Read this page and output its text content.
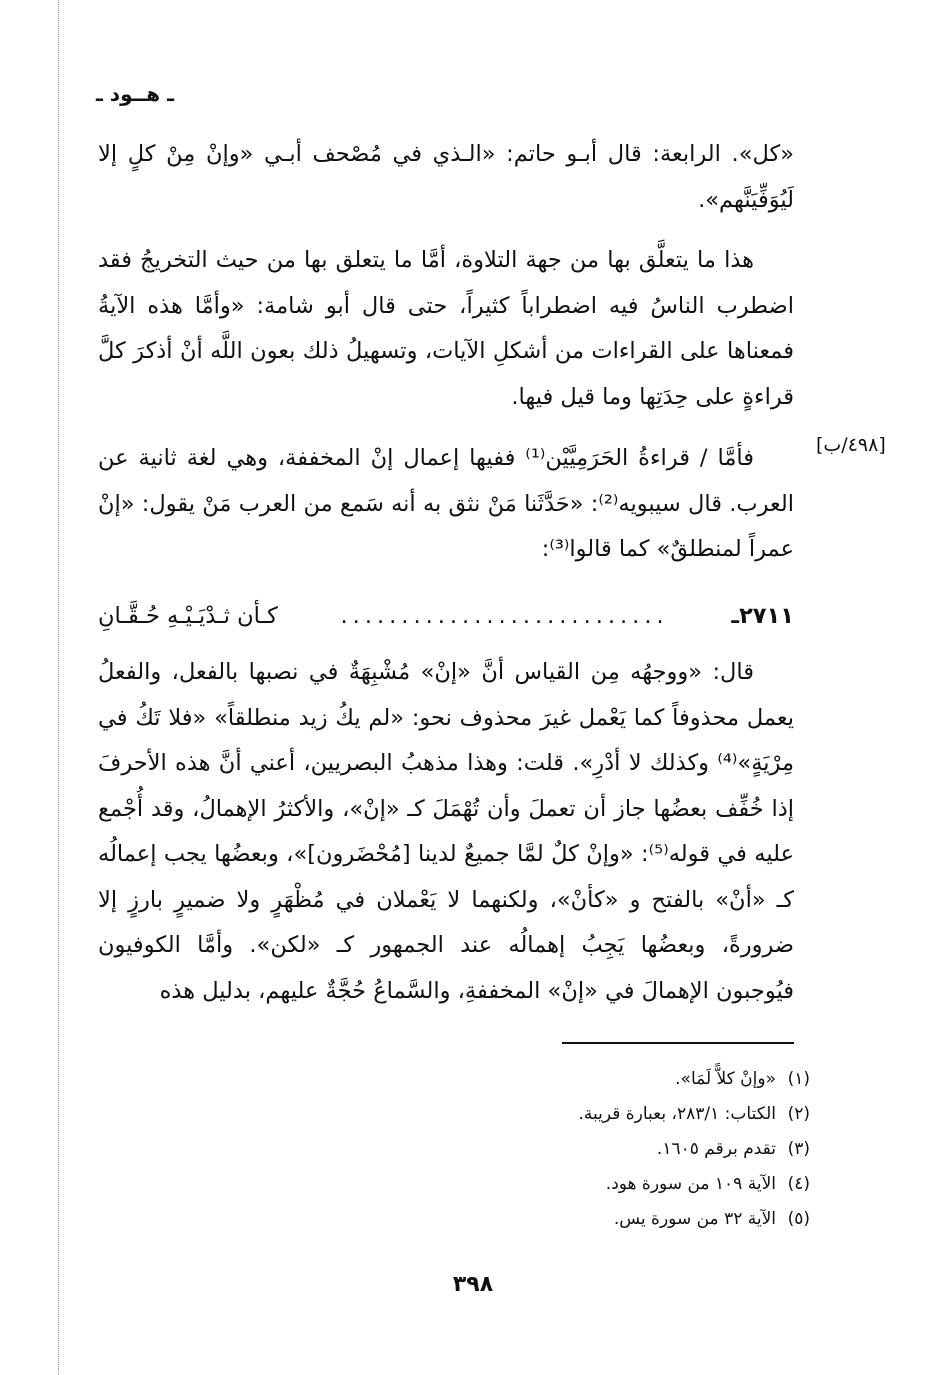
ـ هــود ـ

«كل». الرابعة: قال أبـو حاتم: «الـذي في مُصْحف أبـي «وإنْ مِنْ كلٍ إلا لَيُوَفِّيَنَّهم».

هذا ما يتعلَّق بها من جهة التلاوة، أمَّا ما يتعلق بها من حيث التخريجُ فقد اضطرب الناسُ فيه اضطراباً كثيراً، حتى قال أبو شامة: «وأمَّا هذه الآيةُ فمعناها على القراءات من أشكلِ الآيات، وتسهيلُ ذلك بعون اللَّه أنْ أذكرَ كلَّ قراءةٍ على حِدَتِها وما قيل فيها.

[٤٩٨/ب]

فأمَّا / قراءةُ الحَرَمِيَّيْن⁽¹⁾ ففيها إعمال إنْ المخففة، وهي لغة ثانية عن العرب. قال سيبويه⁽²⁾: «حَدَّثَنا مَنْ نثق به أنه سَمع من العرب مَنْ يقول: «إنْ عمراً لمنطلقٌ» كما قالوا⁽³⁾:

٢٧١١ـ
...........................
كـأن ثـدْيَـيْـهِ حُـقَّـانِ

قال: «ووجهُه مِن القياس أنَّ «إنْ» مُشْبِهَةٌ في نصبها بالفعل، والفعلُ يعمل محذوفاً كما يَعْمل غيرَ محذوف نحو: «لم يكُ زيد منطلقاً» «فلا تَكُ في مِرْيَةٍ»⁽⁴⁾ وكذلك لا أدْرِ». قلت: وهذا مذهبُ البصريين، أعني أنَّ هذه الأحرفَ إذا خُفِّف بعضُها جاز أن تعملَ وأن تُهْمَلَ كـ «إنْ»، والأكثرُ الإهمالُ، وقد أُجْمع عليه في قوله⁽⁵⁾: «وإنْ كلٌ لمَّا جميعٌ لدينا [مُحْضَرون]»، وبعضُها يجب إعمالُه كـ «أنْ» بالفتح و «كأنْ»، ولكنهما لا يَعْملان في مُظْهَرٍ ولا ضميرٍ بارزٍ إلا ضرورةً، وبعضُها يَجِبُ إهمالُه عند الجمهور كـ «لكن». وأمَّا الكوفيون فيُوجبون الإهمالَ في «إنْ» المخففةِ، والسَّماعُ حُجَّةٌ عليهم، بدليل هذه

(١)
«وإنْ كلاًّ لَمَا».
(٢)
الكتاب: ٢٨٣/١، بعبارة قريبة.
(٣)
تقدم برقم ١٦٠٥.
(٤)
الآية ١٠٩ من سورة هود.
(٥)
الآية ٣٢ من سورة يس.
٣٩٨
